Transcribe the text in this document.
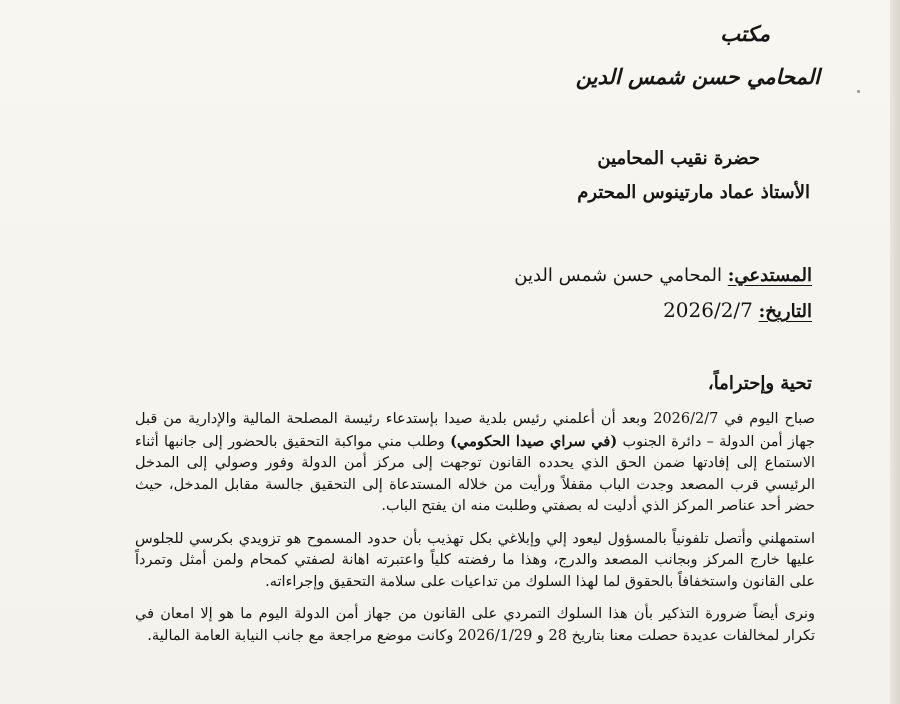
مكتب
المحامي حسن شمس الدين
حضرة نقيب المحامين
الأستاذ عماد مارتينوس المحترم
المستدعي: المحامي حسن شمس الدين
التاريخ: 2026/2/7
تحية وإحتراماً،

صباح اليوم في 2026/2/7 وبعد أن أعلمني رئيس بلدية صيدا بإستدعاء رئيسة المصلحة المالية والإدارية من قبل جهاز أمن الدولة – دائرة الجنوب (في سراي صيدا الحكومي) وطلب مني مواكبة التحقيق بالحضور إلى جانبها أثناء الاستماع إلى إفادتها ضمن الحق الذي يحدده القانون توجهت إلى مركز أمن الدولة وفور وصولي إلى المدخل الرئيسي قرب المصعد وجدت الباب مقفلاً ورأيت من خلاله المستدعاة إلى التحقيق جالسة مقابل المدخل، حيث حضر أحد عناصر المركز الذي أدليت له بصفتي وطلبت منه ان يفتح الباب.

استمهلني وأتصل تلفونياً بالمسؤول ليعود إلي وإبلاغي بكل تهذيب بأن حدود المسموح هو تزويدي بكرسي للجلوس عليها خارج المركز وبجانب المصعد والدرج، وهذا ما رفضته كلياً واعتبرته اهانة لصفتي كمحام ولمن أمثل وتمرداً على القانون واستخفافاً بالحقوق لما لهذا السلوك من تداعيات على سلامة التحقيق وإجراءاته.

ونرى أيضاً ضرورة التذكير بأن هذا السلوك التمردي على القانون من جهاز أمن الدولة اليوم ما هو إلا امعان في تكرار لمخالفات عديدة حصلت معنا بتاريخ 28 و 2026/1/29 وكانت موضع مراجعة مع جانب النيابة العامة المالية.
